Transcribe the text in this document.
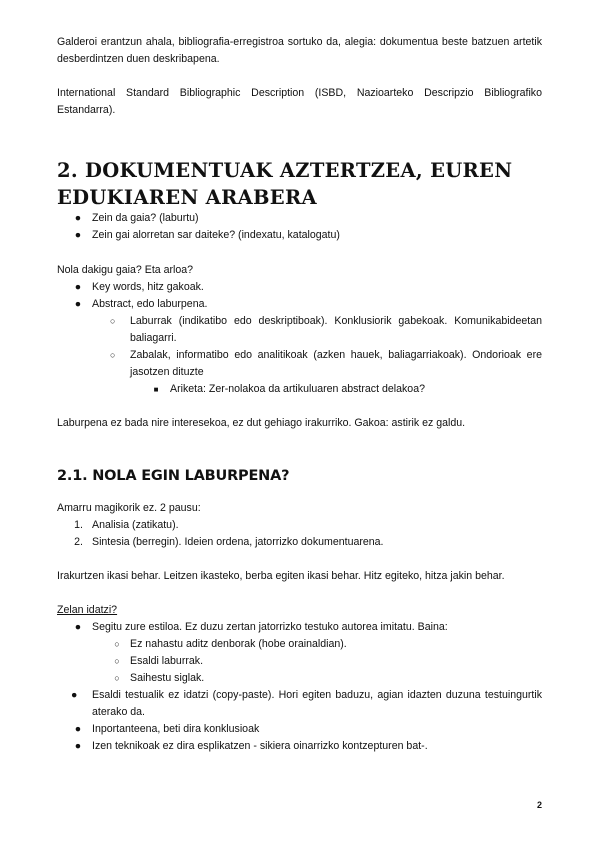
Galderoi erantzun ahala, bibliografia-erregistroa sortuko da, alegia: dokumentua beste batzuen artetik desberdintzen duen deskribapena.

International Standard Bibliographic Description (ISBD, Nazioarteko Descripzio Bibliografiko Estandarra).

2. DOKUMENTUAK AZTERTZEA, EUREN EDUKIAREN ARABERA
●	Zein da gaia? (laburtu)
●	Zein gai alorretan sar daiteke? (indexatu, katalogatu)

Nola dakigu gaia? Eta arloa?

●	Key words, hitz gakoak.
●	Abstract, edo laburpena.
○	Laburrak (indikatibo edo deskriptiboak). Konklusiorik gabekoak. Komunikabideetan baliagarri.
○	Zabalak, informatibo edo analitikoak (azken hauek, baliagarriakoak). Ondorioak ere jasotzen dituzte
■	Ariketa: Zer-nolakoa da artikuluaren abstract delakoa?

Laburpena ez bada nire interesekoa, ez dut gehiago irakurriko. Gakoa: astirik ez galdu.

2.1. NOLA EGIN LABURPENA?

Amarru magikorik ez. 2 pausu:

1. Analisia (zatikatu).
2. Sintesia (berregin). Ideien ordena, jatorrizko dokumentuarena.

Irakurtzen ikasi behar. Leitzen ikasteko, berba egiten ikasi behar. Hitz egiteko, hitza jakin behar.

Zelan idatzi?

●	Segitu zure estiloa. Ez duzu zertan jatorrizko testuko autorea imitatu. Baina:
○ Ez nahastu aditz denborak (hobe orainaldian).
○ Esaldi laburrak.
○ Saihestu siglak.
●	Esaldi testualik ez idatzi (copy-paste). Hori egiten baduzu, agian idazten duzuna testuingurtik aterako da.
●	Inportanteena, beti dira konklusioak
●	Izen teknikoak ez dira esplikatzen - sikiera oinarrizko kontzepturen bat-.
2
